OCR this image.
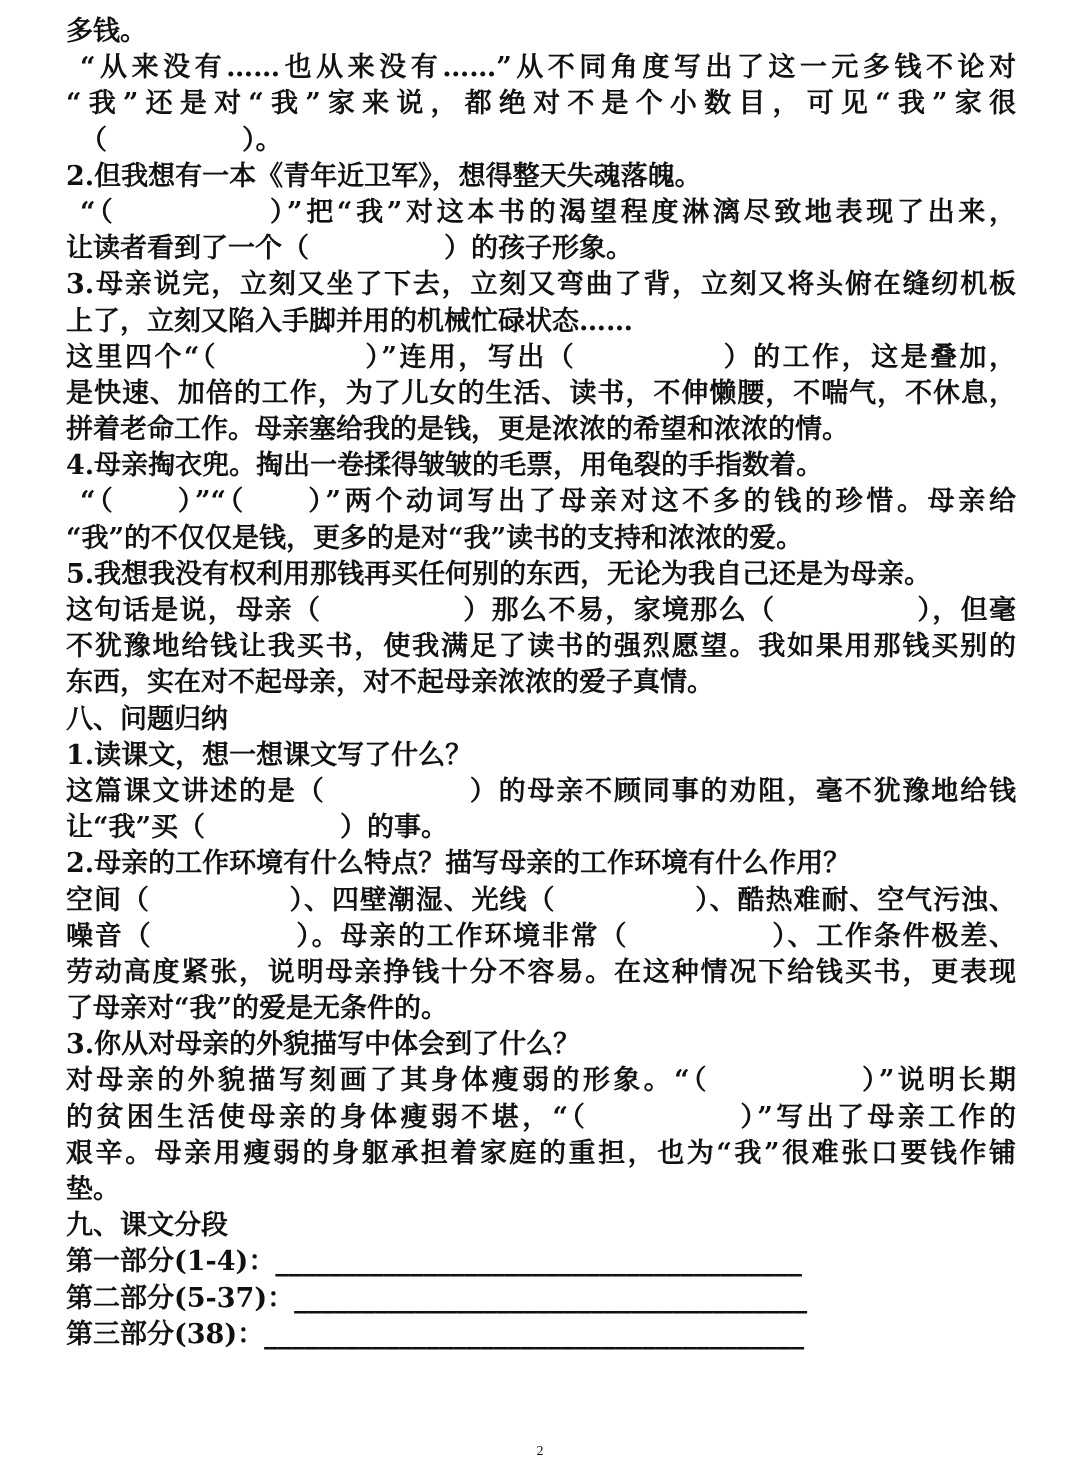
多钱。
“从来没有……也从来没有……”从不同角度写出了这一元多钱不论对
“我”还是对“我”家来说，都绝对不是个小数目，可见“我”家很
（　　　　　）。
2.但我想有一本《青年近卫军》，想得整天失魂落魄。
“（　　　　　）”把“我”对这本书的渴望程度淋漓尽致地表现了出来，
让读者看到了一个（　　　　　）的孩子形象。
3.母亲说完，立刻又坐了下去，立刻又弯曲了背，立刻又将头俯在缝纫机板
上了，立刻又陷入手脚并用的机械忙碌状态……
这里四个“（　　　　　）”连用，写出（　　　　　）的工作，这是叠加，
是快速、加倍的工作，为了儿女的生活、读书，不伸懒腰，不喘气，不休息，
拼着老命工作。母亲塞给我的是钱，更是浓浓的希望和浓浓的情。
4.母亲掏衣兜。掏出一卷揉得皱皱的毛票，用龟裂的手指数着。
“（　　）”“（　　）”两个动词写出了母亲对这不多的钱的珍惜。母亲给
“我”的不仅仅是钱，更多的是对“我”读书的支持和浓浓的爱。
5.我想我没有权利用那钱再买任何别的东西，无论为我自己还是为母亲。
这句话是说，母亲（　　　　　）那么不易，家境那么（　　　　　），但毫
不犹豫地给钱让我买书，使我满足了读书的强烈愿望。我如果用那钱买别的
东西，实在对不起母亲，对不起母亲浓浓的爱子真情。
八、问题归纳
1.读课文，想一想课文写了什么？
这篇课文讲述的是（　　　　　）的母亲不顾同事的劝阻，毫不犹豫地给钱
让“我”买（　　　　　）的事。
2.母亲的工作环境有什么特点？描写母亲的工作环境有什么作用？
空间（　　　　　）、四壁潮湿、光线（　　　　　）、酷热难耐、空气污浊、
噪音（　　　　　）。母亲的工作环境非常（　　　　　）、工作条件极差、
劳动高度紧张，说明母亲挣钱十分不容易。在这种情况下给钱买书，更表现
了母亲对“我”的爱是无条件的。
3.你从对母亲的外貌描写中体会到了什么？
对母亲的外貌描写刻画了其身体瘦弱的形象。“（　　　　　）”说明长期
的贫困生活使母亲的身体瘦弱不堪，“（　　　　　）”写出了母亲工作的
艰辛。母亲用瘦弱的身躯承担着家庭的重担，也为“我”很难张口要钱作铺
垫。
九、课文分段
第一部分(1-4)：_______________________________________
第二部分(5-37)：______________________________________
第三部分(38)：________________________________________
2
